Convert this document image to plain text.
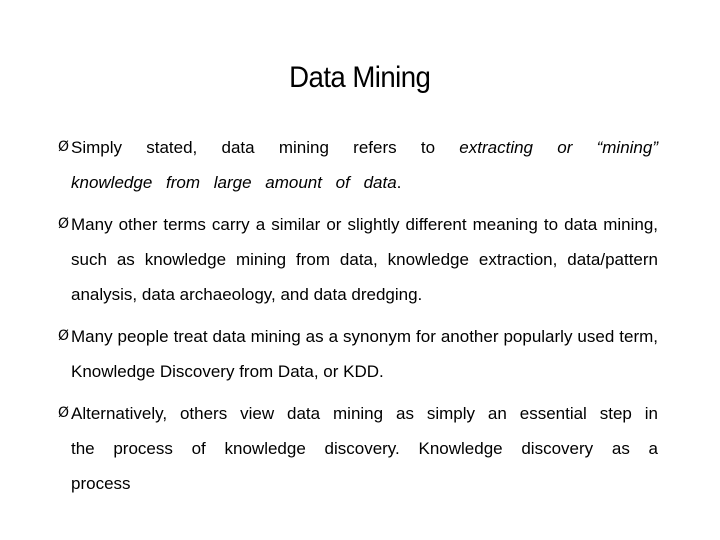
Data Mining
Ø Simply stated, data mining refers to extracting or “mining” knowledge from large amount of data.
Ø Many other terms carry a similar or slightly different meaning to data mining, such as knowledge mining from data, knowledge extraction, data/pattern analysis, data archaeology, and data dredging.
Ø Many people treat data mining as a synonym for another popularly used term, Knowledge Discovery from Data, or KDD.
Ø Alternatively, others view data mining as simply an essential step in the process of knowledge discovery. Knowledge discovery as a process
